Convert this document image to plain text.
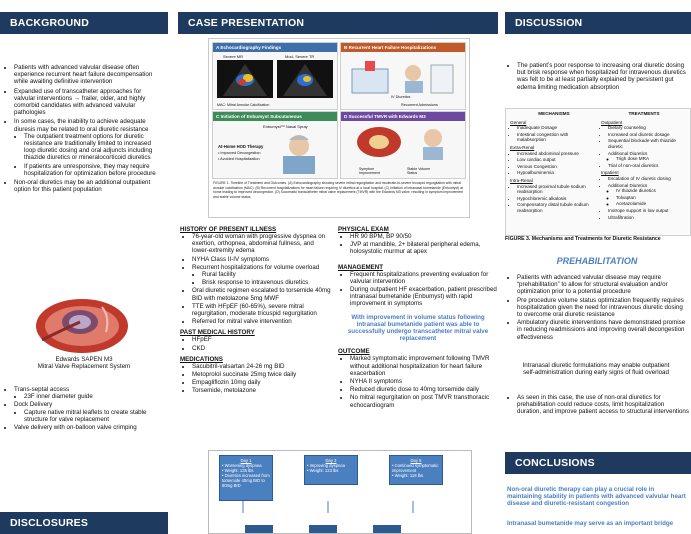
BACKGROUND
• Patients with advanced valvular disease often experience recurrent heart failure decompensation while awaiting definitive intervention
• Expanded use of transcatheter approaches for valvular interventions → frailer, older, and highly comorbid candidates with advanced valvular pathologies
• In some cases, the inability to achieve adequate diuresis may be related to oral diuretic resistance
• The outpatient treatment options for diuretic resistance are traditionally limited to increased loop diuretic dosing and oral adjuncts including thiazide diuretics or mineralocorticoid diuretics
• If patients are unresponsive, they may require hospitalization for optimization before procedure
• Non-oral diuretics may be an additional outpatient option for this patient population
Edwards SAPEN M3
Mitral Valve Replacement System
• Trans-septal access
• 23F inner diameter guide
• Dock Delivery
• Capture native mitral leaflets to create stable structure for valve replacement
• Valve delivery with on-balloon valve crimping
DISCLOSURES
CASE PRESENTATION
A Echocardiography Findings
Severe MR	Mod- Severe TR
MAC: Mitral Annular Calcification
B Recurrent Heart Failure Hospitalizations
IV Diuretics
Recurrent Admissions
C Initiation of Enbumyst Subcutaneous
Enbumyst™ Nasal Spray
At-Home HOD Therapy
• Improved Decongestion
• Avoided Hospitalization
D Successful TMVR with Edwards M3
Symptom Improvement
Stable Volume Status
FIGURE 1. Timeline of Treatment and Outcomes. (A) Echocardiography showing severe mitral regurgitation and moderate-to-severe tricuspid regurgitation with mitral annular calcification (MAC). (B) Recurrent hospitalizations for heart failure requiring IV diuretics at a local hospital. (C) Initiation of intranasal bumetanide (Enbumyst) at home leading to improved decongestion. (D) Successful transcatheter mitral valve replacement (TMVR) with the Edwards M3 valve, resulting in symptom improvement and stable volume status.
HISTORY OF PRESENT ILLNESS
• 76-year-old woman with progressive dyspnea on exertion, orthopnea, abdominal fullness, and lower-extremity edema
• NYHA Class II-IV symptoms
• Recurrent hospitalizations for volume overload
• Rural facility
• Brisk response to intravenous diuretics
• Oral diuretic regimen escalated to torsemide 40mg BID with metolazone 5mg MWF
• TTE with HFpEF (60-65%), severe mitral regurgitation, moderate tricuspid regurgitation
• Referred for mitral valve intervention
PAST MEDICAL HISTORY
• HFpEF
• CKD
MEDICATIONS
• Sacubitril-valsartan 24-26 mg BID
• Metoprolol succinate 25mg twice daily
• Empagliflozin 10mg daily
• Torsemide, metolazone
PHYSICAL EXAM
• HR 90 BPM, BP 90/50
• JVP at mandible, 2+ bilateral peripheral edema, holosystolic murmur at apex
MANAGEMENT
• Frequent hospitalizations preventing evaluation for valvular intervention
• During outpatient HF exacerbation, patient prescribed intranasal bumetanide (Enbumyst) with rapid improvement in symptoms
With improvement in volume status following intranasal bumetanide patient was able to successfully undergo transcatheter mitral valve replacement
OUTCOME
• Marked symptomatic improvement following TMVR without additional hospitalization for heart failure exacerbation
• NYHA II symptoms
• Reduced diuretic dose to 40mg torsemide daily
• No mitral regurgitation on post TMVR transthoracic echocardiogram
Day 1
• Worsening dyspnea
• Weight: 135 lbs
• Diuretics increased from torsemide 40mg BID to 80mg BID
Day 3
• Improving dyspnea
• Weight: 123 lbs
Day 5
• Continued symptomatic improvement
• Weight: 118 lbs
DISCUSSION
• The patient’s poor response to increasing oral diuretic dosing but brisk response when hospitalized for intravenous diuretics was felt to be at least partially explained by persistent gut edema limiting medication absorption
MECHANISMS
General
• Inadequate Dosage
• Intestinal congestion with malabsorption
Extra-Renal
• Increased abdominal pressure
• Low cardiac output
• Venous Congestion
• Hypoalbuminemia
Intra-Renal
• Increased proximal tubule sodium reabsorption
• Hypochloremic alkalosis
• Compensatory distal tubule sodium reabsorption
TREATMENTS
Outpatient
• Dietary counseling
• Increased oral diuretic dosage
• Sequential blockade with thiazide diuretic
• Additional Diuretics
◦ Trigh dose MRA
• Trial of non-oral diuretics
Inpatient
• Escalation of IV diuretic dosing
• Additional Diuretics
◦ IV thiazide diuretics
◦ Tolvaptan
◦ Acetazolamide
• Inotrope support in low output
• Ultrafiltration
FIGURE 3. Mechanisms and Treatments for Diuretic Resistance
PREHABILITATION
• Patients with advanced valvular disease may require “prehabilitation” to allow for structural evaluation and/or optimization prior to a potential procedure
• Pre procedure volume status optimization frequently requires hospitalization given the need for intravenous diuretic dosing to overcome oral diuretic resistance
• Ambulatory diuretic interventions have demonstrated promise in reducing readmissions and improving overall decongestion effectiveness
Intranasal diuretic formulations may enable outpatient self-administration during early signs of fluid overload
• As seen in this case, the use of non-oral diuretics for prehabilitation could reduce costs, limit hospitalization duration, and improve patient access to structural interventions
CONCLUSIONS
Non-oral diuretic therapy can play a crucial role in maintaining stability in patients with advanced valvular heart disease and diuretic-resistant congestion
Intranasal bumetanide may serve as an important bridge
